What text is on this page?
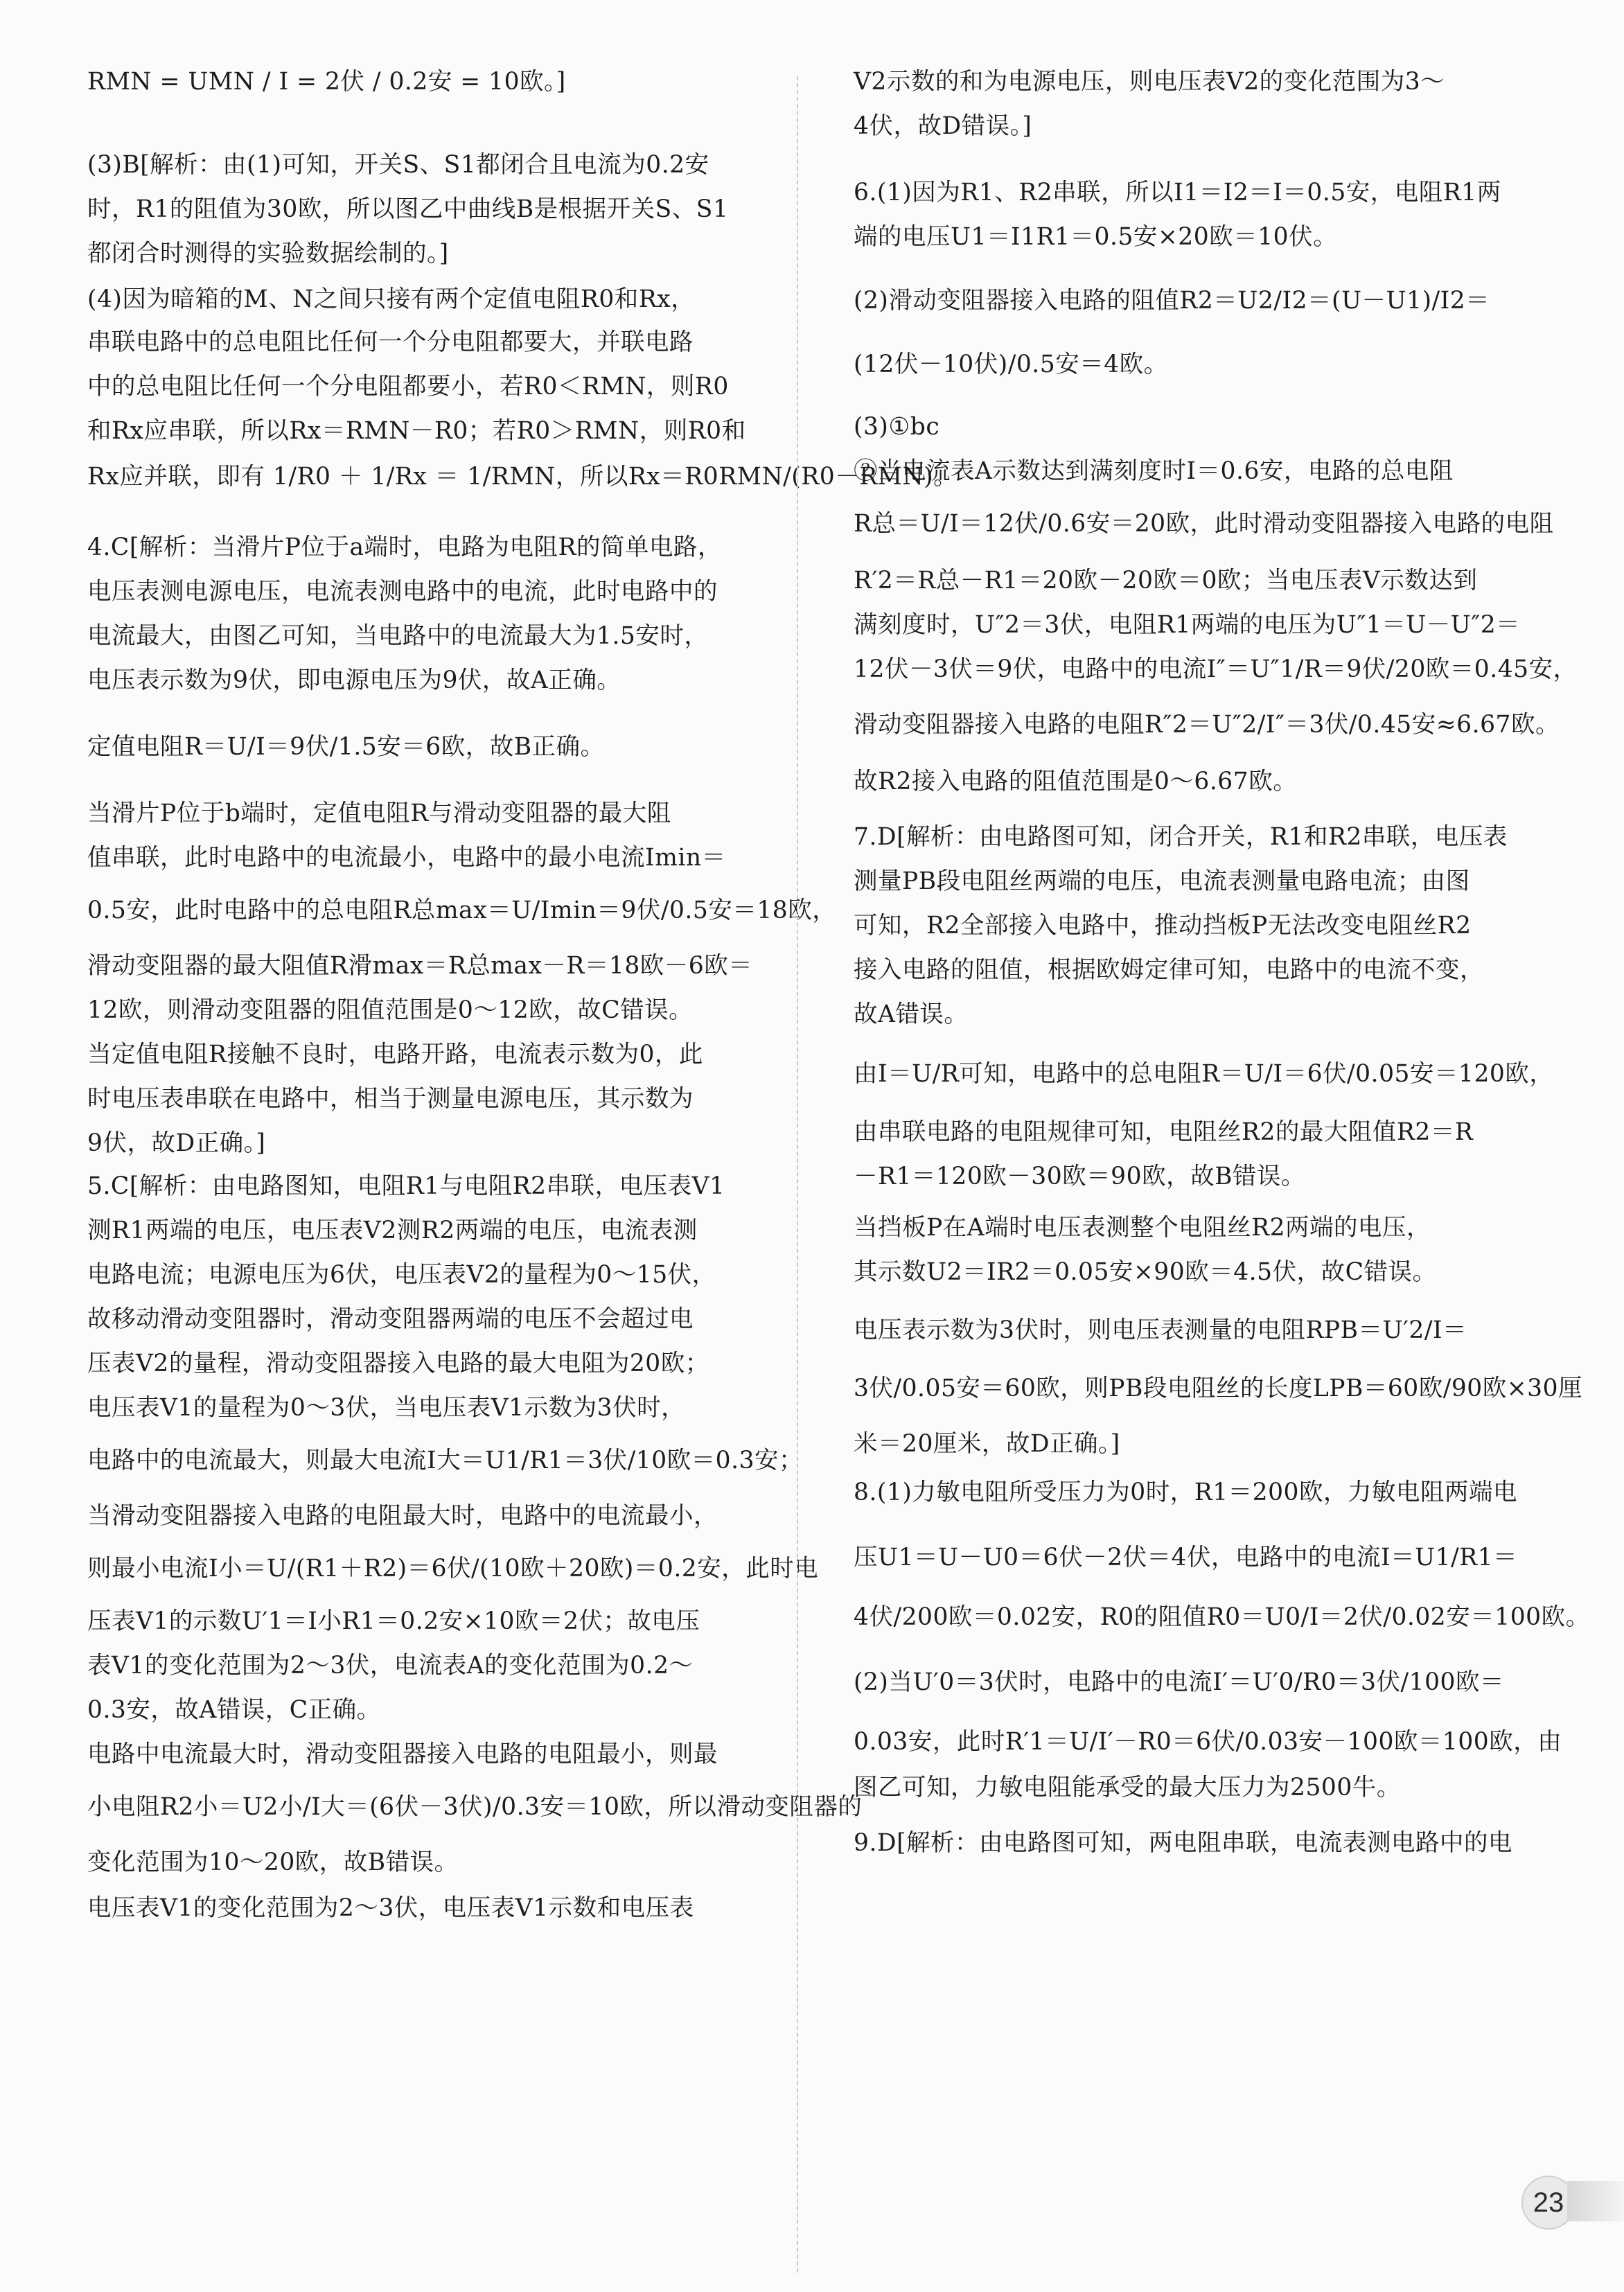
RMN = UMN / I = 2伏 / 0.2安 = 10欧。]
(3)B[解析：由(1)可知，开关S、S1都闭合且电流为0.2安
时，R1的阻值为30欧，所以图乙中曲线B是根据开关S、S1
都闭合时测得的实验数据绘制的。]
(4)因为暗箱的M、N之间只接有两个定值电阻R0和Rx，
串联电路中的总电阻比任何一个分电阻都要大，并联电路
中的总电阻比任何一个分电阻都要小，若R0＜RMN，则R0
和Rx应串联，所以Rx＝RMN－R0；若R0＞RMN，则R0和
Rx应并联，即有 1/R0 ＋ 1/Rx ＝ 1/RMN，所以Rx＝R0RMN/(R0－RMN)。
4.C[解析：当滑片P位于a端时，电路为电阻R的简单电路，
电压表测电源电压，电流表测电路中的电流，此时电路中的
电流最大，由图乙可知，当电路中的电流最大为1.5安时，
电压表示数为9伏，即电源电压为9伏，故A正确。
定值电阻R＝U/I＝9伏/1.5安＝6欧，故B正确。
当滑片P位于b端时，定值电阻R与滑动变阻器的最大阻
值串联，此时电路中的电流最小，电路中的最小电流Imin＝
0.5安，此时电路中的总电阻R总max＝U/Imin＝9伏/0.5安＝18欧，
滑动变阻器的最大阻值R滑max＝R总max－R＝18欧－6欧＝
12欧，则滑动变阻器的阻值范围是0～12欧，故C错误。
当定值电阻R接触不良时，电路开路，电流表示数为0，此
时电压表串联在电路中，相当于测量电源电压，其示数为
9伏，故D正确。]
5.C[解析：由电路图知，电阻R1与电阻R2串联，电压表V1
测R1两端的电压，电压表V2测R2两端的电压，电流表测
电路电流；电源电压为6伏，电压表V2的量程为0～15伏，
故移动滑动变阻器时，滑动变阻器两端的电压不会超过电
压表V2的量程，滑动变阻器接入电路的最大电阻为20欧；
电压表V1的量程为0～3伏，当电压表V1示数为3伏时，
电路中的电流最大，则最大电流I大＝U1/R1＝3伏/10欧＝0.3安；
当滑动变阻器接入电路的电阻最大时，电路中的电流最小，
则最小电流I小＝U/(R1＋R2)＝6伏/(10欧＋20欧)＝0.2安，此时电
压表V1的示数U′1＝I小R1＝0.2安×10欧＝2伏；故电压
表V1的变化范围为2～3伏，电流表A的变化范围为0.2～
0.3安，故A错误，C正确。
电路中电流最大时，滑动变阻器接入电路的电阻最小，则最
小电阻R2小＝U2小/I大＝(6伏－3伏)/0.3安＝10欧，所以滑动变阻器的
变化范围为10～20欧，故B错误。
电压表V1的变化范围为2～3伏，电压表V1示数和电压表
V2示数的和为电源电压，则电压表V2的变化范围为3～
4伏，故D错误。]
6.(1)因为R1、R2串联，所以I1＝I2＝I＝0.5安，电阻R1两
端的电压U1＝I1R1＝0.5安×20欧＝10伏。
(2)滑动变阻器接入电路的阻值R2＝U2/I2＝(U－U1)/I2＝
(12伏－10伏)/0.5安＝4欧。
(3)①bc
②当电流表A示数达到满刻度时I＝0.6安，电路的总电阻
R总＝U/I＝12伏/0.6安＝20欧，此时滑动变阻器接入电路的电阻
R′2＝R总－R1＝20欧－20欧＝0欧；当电压表V示数达到
满刻度时，U″2＝3伏，电阻R1两端的电压为U″1＝U－U″2＝
12伏－3伏＝9伏，电路中的电流I″＝U″1/R＝9伏/20欧＝0.45安，
滑动变阻器接入电路的电阻R″2＝U″2/I″＝3伏/0.45安≈6.67欧。
故R2接入电路的阻值范围是0～6.67欧。
7.D[解析：由电路图可知，闭合开关，R1和R2串联，电压表
测量PB段电阻丝两端的电压，电流表测量电路电流；由图
可知，R2全部接入电路中，推动挡板P无法改变电阻丝R2
接入电路的阻值，根据欧姆定律可知，电路中的电流不变，
故A错误。
由I＝U/R可知，电路中的总电阻R＝U/I＝6伏/0.05安＝120欧，
由串联电路的电阻规律可知，电阻丝R2的最大阻值R2＝R
－R1＝120欧－30欧＝90欧，故B错误。
当挡板P在A端时电压表测整个电阻丝R2两端的电压，
其示数U2＝IR2＝0.05安×90欧＝4.5伏，故C错误。
电压表示数为3伏时，则电压表测量的电阻RPB＝U′2/I＝
3伏/0.05安＝60欧，则PB段电阻丝的长度LPB＝60欧/90欧×30厘
米＝20厘米，故D正确。]
8.(1)力敏电阻所受压力为0时，R1＝200欧，力敏电阻两端电
压U1＝U－U0＝6伏－2伏＝4伏，电路中的电流I＝U1/R1＝
4伏/200欧＝0.02安，R0的阻值R0＝U0/I＝2伏/0.02安＝100欧。
(2)当U′0＝3伏时，电路中的电流I′＝U′0/R0＝3伏/100欧＝
0.03安，此时R′1＝U/I′－R0＝6伏/0.03安－100欧＝100欧，由
图乙可知，力敏电阻能承受的最大压力为2500牛。
9.D[解析：由电路图可知，两电阻串联，电流表测电路中的电
23
